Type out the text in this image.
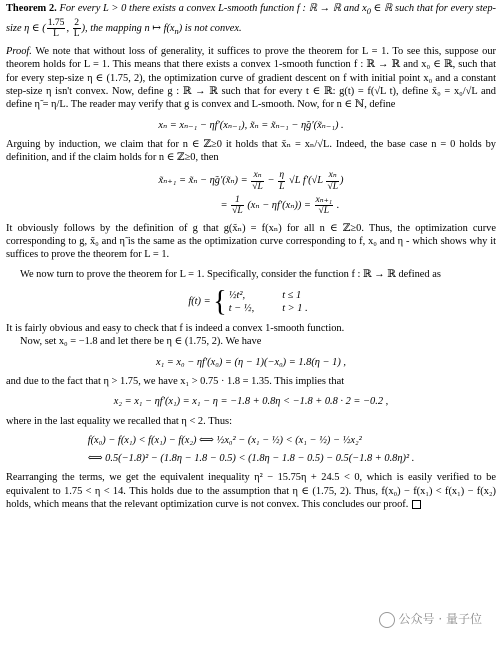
Theorem 2. For every L > 0 there exists a convex L-smooth function f : ℝ → ℝ and $x_0$ ∈ ℝ such that for every step-size η ∈ ( $\frac{1.75}{L}$ , $\frac{2}{L}$ ), the mapping n ↦ $f(x_n)$ is not convex.

Proof. We note that without loss of generality, it suffices to prove the theorem for L = 1. To see this, suppose our theorem holds for L = 1. This means that there exists a convex 1-smooth function f : ℝ → ℝ and x₀ ∈ ℝ, such that for every step-size η ∈ (1.75, 2), the optimization curve of gradient descent on f with initial point x₀ and a constant step-size η isn't convex. Now, define g : ℝ → ℝ such that for every t ∈ ℝ: g(t) = f(√L t), define x̃₀ = x₀/√L and define η̃ = η/L. The reader may verify that g is convex and L-smooth. Now, for n ∈ ℕ, define

xₙ = xₙ₋₁ − ηf′(xₙ₋₁), x̃ₙ = x̃ₙ₋₁ − η̃g′(x̃ₙ₋₁) .

Arguing by induction, we claim that for n ∈ ℤ≥0 it holds that x̃ₙ = xₙ/√L. Indeed, the base case n = 0 holds by definition, and if the claim holds for n ∈ ℤ≥0, then

x̃ₙ₊₁ = x̃ₙ − η̃g′(x̃ₙ) = $\frac{\text{xₙ}}{√L} - \frac{\eta}{L} √L$ $f'(√L \frac{\text{xₙ}}{√L}$ )
= $\frac{1}{√L} (x_n - \eta f'(x_n)) = \frac{\text{xₙ₊₁}}{√L}$ .

It obviously follows by the definition of g that g(x̃ₙ) = f(xₙ) for all n ∈ ℤ≥0. Thus, the optimization curve corresponding to g, x̃₀ and η̃ is the same as the optimization curve corresponding to f, x₀ and η - which shows why it suffices to prove the theorem for L = 1.

We now turn to prove the theorem for L = 1. Specifically, consider the function f : ℝ → ℝ defined as

f(t) =
{ ½t²,	t ≤ 1
t − ½,	t > 1 .

It is fairly obvious and easy to check that f is indeed a convex 1-smooth function.

Now, set x₀ = −1.8 and let there be η ∈ (1.75, 2). We have

x₁ = x₀ − ηf′(x₀) = (η − 1)(−x₀) = 1.8(η − 1) ,

and due to the fact that η > 1.75, we have x₁ > 0.75 · 1.8 = 1.35. This implies that

x₂ = x₁ − ηf′(x₁) = x₁ − η = −1.8 + 0.8η < −1.8 + 0.8 · 2 = −0.2 ,

where in the last equality we recalled that η < 2. Thus:

f(x₀) − f(x₁) < f(x₁) − f(x₂) ⟺ ½x₀² − (x₁ − ½) < (x₁ − ½) − ½x₂²
⟺ 0.5(−1.8)² − (1.8η − 1.8 − 0.5) < (1.8η − 1.8 − 0.5) − 0.5(−1.8 + 0.8η)² .

Rearranging the terms, we get the equivalent inequality η² − 15.75η + 24.5 < 0, which is easily verified to be equivalent to 1.75 < η < 14. This holds due to the assumption that η ∈ (1.75, 2). Thus, f(x₀) − f(x₁) < f(x₁) − f(x₂) holds, which means that the relevant optimization curve is not convex. This concludes our proof.

公众号 · 量子位
